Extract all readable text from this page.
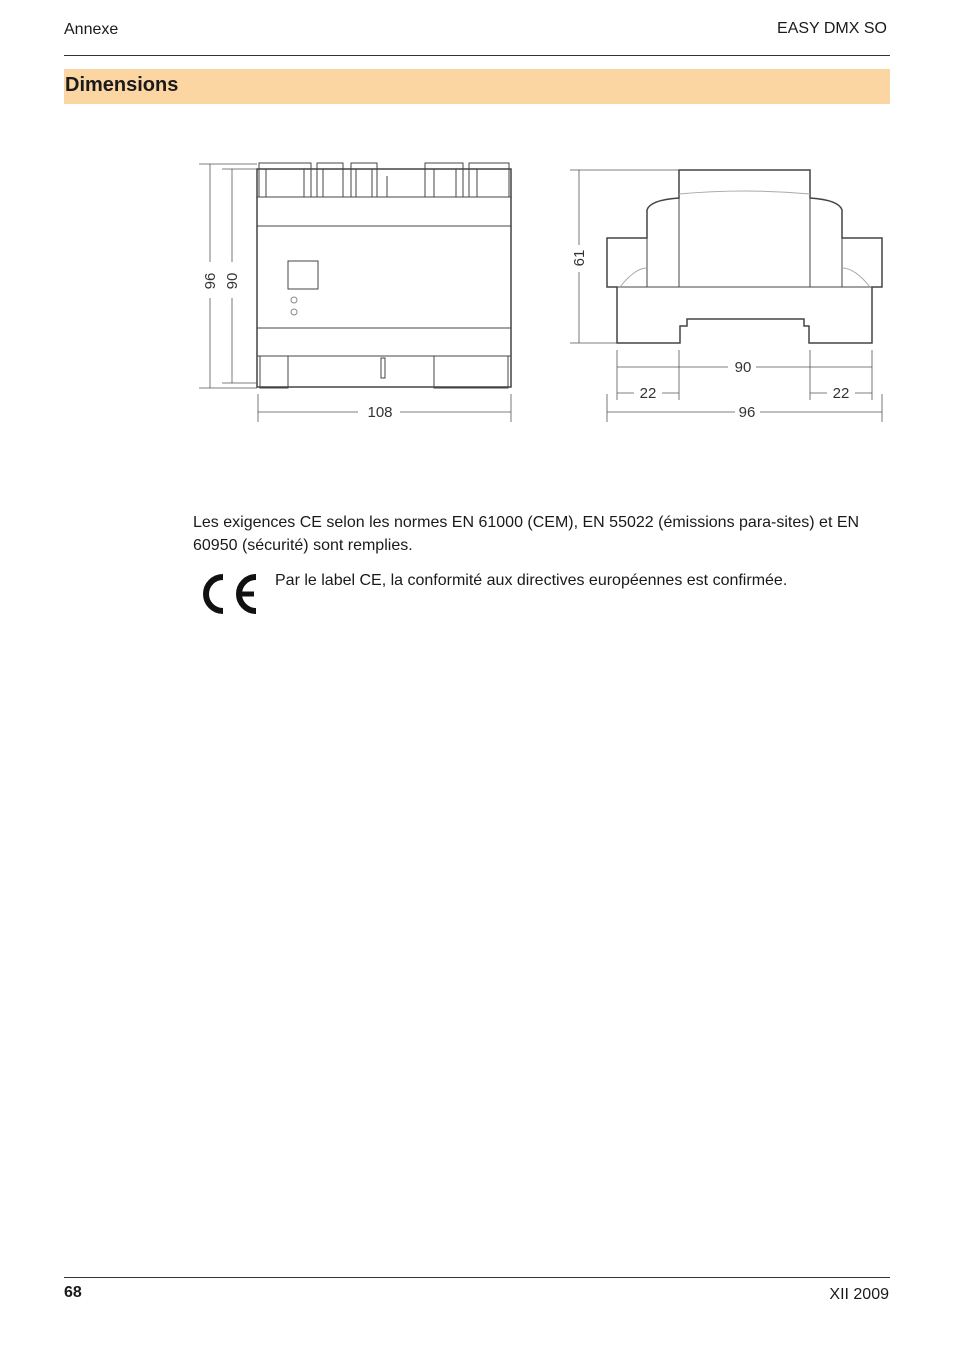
Annexe	EASY DMX SO
Dimensions
96 90
108
61
90
22	22
96
Les exigences CE selon les normes EN 61000 (CEM), EN 55022 (émissions para-sites) et EN 60950 (sécurité) sont remplies.
Par le label CE, la conformité aux directives européennes est confirmée.
68	XII 2009
